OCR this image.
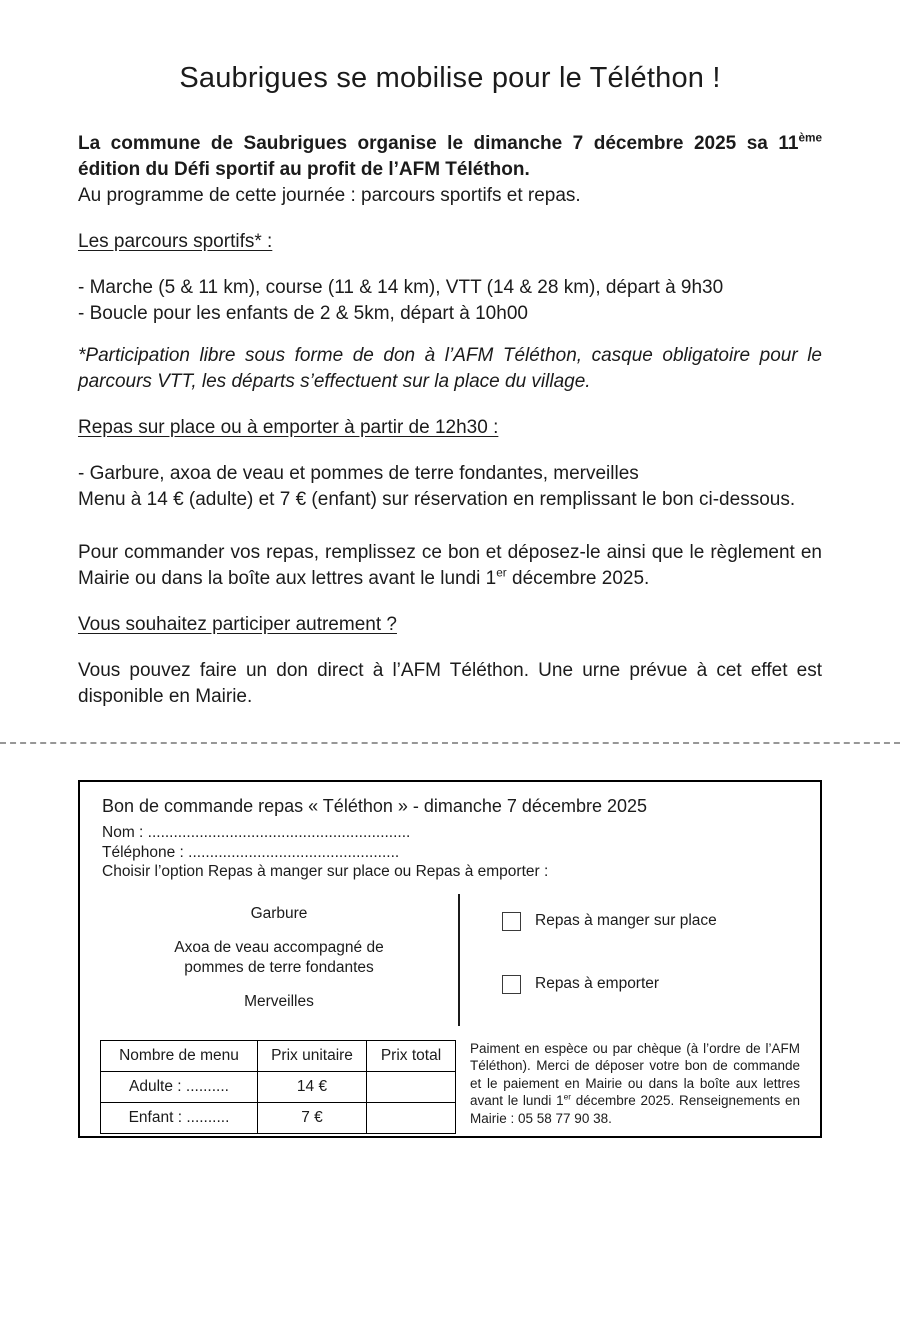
Saubrigues se mobilise pour le Téléthon !

La commune de Saubrigues organise le dimanche 7 décembre 2025 sa 11ème édition du Défi sportif au profit de l’AFM Téléthon.

Au programme de cette journée : parcours sportifs et repas.

Les parcours sportifs* :

- Marche (5 & 11 km), course (11 & 14 km), VTT (14 & 28 km), départ à 9h30

- Boucle pour les enfants de 2 & 5km, départ à 10h00

*Participation libre sous forme de don à l’AFM Téléthon, casque obligatoire pour le parcours VTT, les départs s’effectuent sur la place du village.

Repas sur place ou à emporter à partir de 12h30 :

- Garbure, axoa de veau et pommes de terre fondantes, merveilles

Menu à 14 € (adulte) et 7 € (enfant) sur réservation en remplissant le bon ci-dessous.

Pour commander vos repas, remplissez ce bon et déposez-le ainsi que le règlement en Mairie ou dans la boîte aux lettres avant le lundi 1er décembre 2025.

Vous souhaitez participer autrement ?

Vous pouvez faire un don direct à l’AFM Téléthon. Une urne prévue à cet effet est disponible en Mairie.

Bon de commande repas « Téléthon » - dimanche 7 décembre 2025
Nom : .............................................................
Téléphone : .................................................
Choisir l’option Repas à manger sur place ou Repas à emporter :
Garbure
Axoa de veau accompagné de pommes de terre fondantes
Merveilles
Repas à manger sur place
Repas à emporter
Nombre de menu	Prix unitaire	Prix total
Adulte : ..........	14 €	
Enfant : ..........	7 €	
Paiment en espèce ou par chèque (à l’ordre de l’AFM Téléthon). Merci de déposer votre bon de commande et le paiement en Mairie ou dans la boîte aux lettres avant le lundi 1er décembre 2025. Renseignements en Mairie : 05 58 77 90 38.
